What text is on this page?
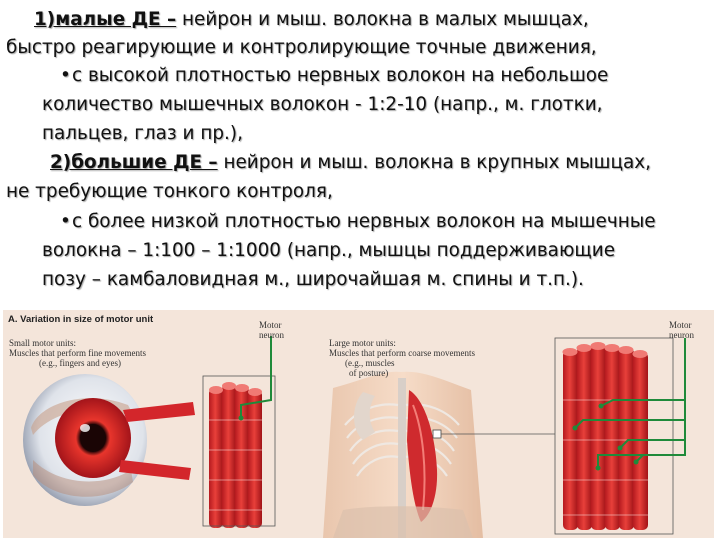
1)малые ДЕ – нейрон и мыш. волокна в малых мышцах,
быстро реагирующие и контролирующие точные движения,
• с высокой плотностью нервных волокон на небольшое
количество мышечных волокон - 1:2-10 (напр., м. глотки,
пальцев, глаз и пр.),
2)большие ДЕ – нейрон и мыш. волокна в крупных мышцах,
не требующие тонкого контроля,
• с более низкой плотностью нервных волокон на мышечные
волокна – 1:100 – 1:1000 (напр., мышцы поддерживающие
позу – камбаловидная м., широчайшая м. спины и т.п.).
A. Variation in size of motor unit
Small motor units:
Muscles that perform fine movements
(e.g., fingers and eyes)
Motor
neuron
Large motor units:
Muscles that perform coarse movements
(e.g., muscles
of posture)
Motor
neuron
